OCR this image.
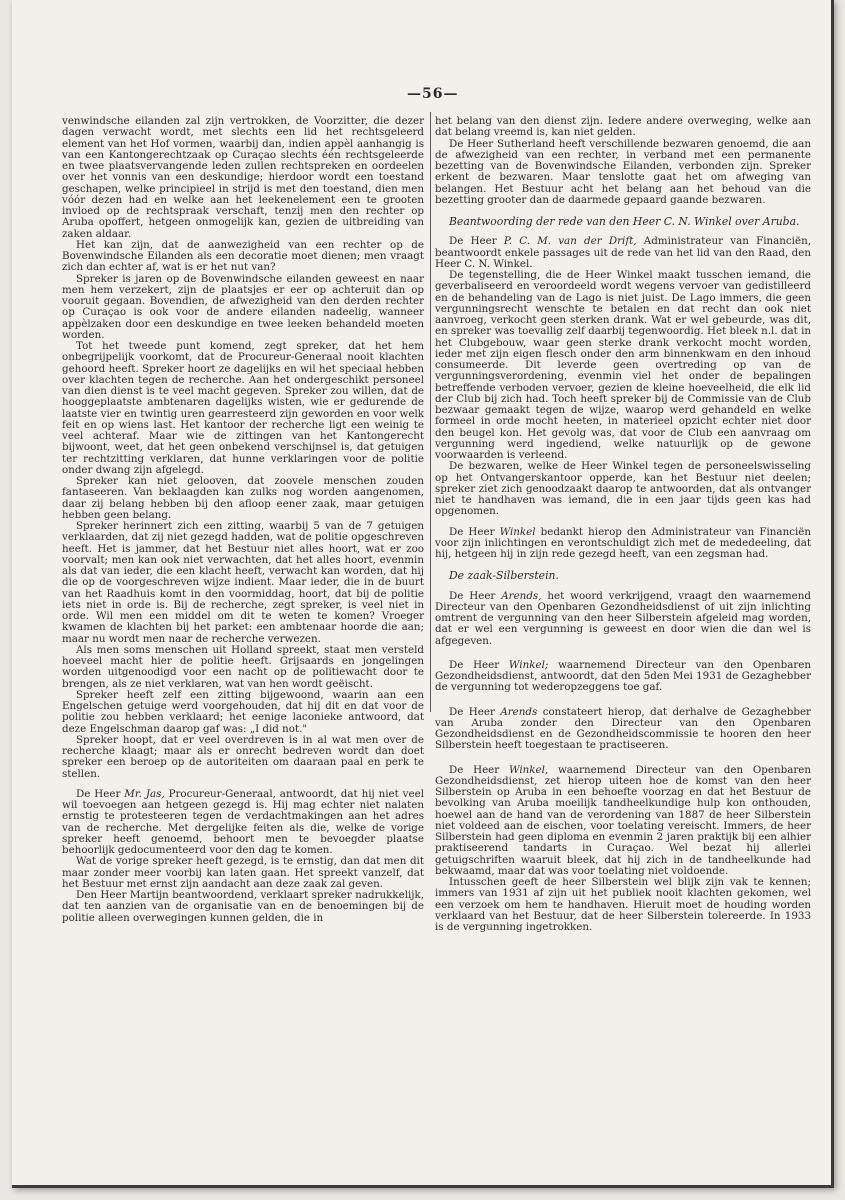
—56—

venwindsche eilanden zal zijn vertrokken, de Voorzitter, die dezer dagen verwacht wordt, met slechts een lid het rechtsgeleerd element van het Hof vormen, waarbij dan, indien appèl aanhangig is van een Kantongerechtzaak op Curaçao slechts één rechtsgeleerde en twee plaatsvervangende leden zullen rechtspreken en oordeelen over het vonnis van een deskundige; hierdoor wordt een toestand geschapen, welke principieel in strijd is met den toestand, dien men vóór dezen had en welke aan het leekenelement een te grooten invloed op de rechtspraak verschaft, tenzij men den rechter op Aruba opoffert, hetgeen onmogelijk kan, gezien de uitbreiding van zaken aldaar.

Het kan zijn, dat de aanwezigheid van een rechter op de Bovenwindsche Eilanden als een decoratie moet dienen; men vraagt zich dan echter af, wat is er het nut van?

Spreker is jaren op de Bovenwindsche eilanden geweest en naar men hem verzekert, zijn de plaatsjes er eer op achteruit dan op vooruit gegaan. Bovendien, de afwezigheid van den derden rechter op Curaçao is ook voor de andere eilanden nadeelig, wanneer appèlzaken door een deskundige en twee leeken behandeld moeten worden.

Tot het tweede punt komend, zegt spreker, dat het hem onbegrijpelijk voorkomt, dat de Procureur-Generaal nooit klachten gehoord heeft. Spreker hoort ze dagelijks en wil het speciaal hebben over klachten tegen de recherche. Aan het ondergeschikt personeel van dien dienst is te veel macht gegeven. Spreker zou willen, dat de hooggeplaatste ambtenaren dagelijks wisten, wie er gedurende de laatste vier en twintig uren gearresteerd zijn geworden en voor welk feit en op wiens last. Het kantoor der recherche ligt een weinig te veel achteraf. Maar wie de zittingen van het Kantongerecht bijwoont, weet, dat het geen onbekend verschijnsel is, dat getuigen ter rechtzitting verklaren, dat hunne verklaringen voor de politie onder dwang zijn afgelegd.

Spreker kan niet gelooven, dat zoovele menschen zouden fantaseeren. Van beklaagden kan zulks nog worden aangenomen, daar zij belang hebben bij den afloop eener zaak, maar getuigen hebben geen belang.

Spreker herinnert zich een zitting, waarbij 5 van de 7 getuigen verklaarden, dat zij niet gezegd hadden, wat de politie opgeschreven heeft. Het is jammer, dat het Bestuur niet alles hoort, wat er zoo voorvalt; men kan ook niet verwachten, dat het alles hoort, evenmin als dat van ieder, die een klacht heeft, verwacht kan worden, dat hij die op de voorgeschreven wijze indient. Maar ieder, die in de buurt van het Raadhuis komt in den voormiddag, hoort, dat bij de politie iets niet in orde is. Bij de recherche, zegt spreker, is veel niet in orde. Wil men een middel om dit te weten te komen? Vroeger kwamen de klachten bij het parket: een ambtenaar hoorde die aan; maar nu wordt men naar de recherche verwezen.

Als men soms menschen uit Holland spreekt, staat men versteld hoeveel macht hier de politie heeft. Grijsaards en jongelingen worden uitgenoodigd voor een nacht op de politiewacht door te brengen, als ze niet verklaren, wat van hen wordt geëischt.

Spreker heeft zelf een zitting bijgewoond, waarin aan een Engelschen getuige werd voorgehouden, dat hij dit en dat voor de politie zou hebben verklaard; het eenige laconieke antwoord, dat deze Engelschman daarop gaf was: „I did not."

Spreker hoopt, dat er veel overdreven is in al wat men over de recherche klaagt; maar als er onrecht bedreven wordt dan doet spreker een beroep op de autoriteiten om daaraan paal en perk te stellen.

De Heer Mr. Jas, Procureur-Generaal, antwoordt, dat hij niet veel wil toevoegen aan hetgeen gezegd is. Hij mag echter niet nalaten ernstig te protesteeren tegen de verdachtmakingen aan het adres van de recherche. Met dergelijke feiten als die, welke de vorige spreker heeft genoemd, behoort men te bevoegder plaatse behoorlijk gedocumenteerd voor den dag te komen.

Wat de vorige spreker heeft gezegd, is te ernstig, dan dat men dit maar zonder meer voorbij kan laten gaan. Het spreekt vanzelf, dat het Bestuur met ernst zijn aandacht aan deze zaak zal geven.

Den Heer Martijn beantwoordend, verklaart spreker nadrukkelijk, dat ten aanzien van de organisatie van en de benoemingen bij de politie alleen overwegingen kunnen gelden, die in

het belang van den dienst zijn. Iedere andere overweging, welke aan dat belang vreemd is, kan niet gelden.

De Heer Sutherland heeft verschillende bezwaren genoemd, die aan de afwezigheid van een rechter, in verband met een permanente bezetting van de Bovenwindsche Eilanden, verbonden zijn. Spreker erkent de bezwaren. Maar tenslotte gaat het om afweging van belangen. Het Bestuur acht het belang aan het behoud van die bezetting grooter dan de daarmede gepaard gaande bezwaren.

Beantwoording der rede van den Heer C. N. Winkel over Aruba.

De Heer P. C. M. van der Drift, Administrateur van Financiën, beantwoordt enkele passages uit de rede van het lid van den Raad, den Heer C. N. Winkel.

De tegenstelling, die de Heer Winkel maakt tusschen iemand, die geverbaliseerd en veroordeeld wordt wegens vervoer van gedistilleerd en de behandeling van de Lago is niet juist. De Lago immers, die geen vergunningsrecht wenschte te betalen en dat recht dan ook niet aanvroeg, verkocht geen sterken drank. Wat er wel gebeurde, was dit, en spreker was toevallig zelf daarbij tegenwoordig. Het bleek n.l. dat in het Clubgebouw, waar geen sterke drank verkocht mocht worden, ieder met zijn eigen flesch onder den arm binnenkwam en den inhoud consumeerde. Dit leverde geen overtreding op van de vergunningsverordening, evenmin viel het onder de bepalingen betreffende verboden vervoer, gezien de kleine hoeveelheid, die elk lid der Club bij zich had. Toch heeft spreker bij de Commissie van de Club bezwaar gemaakt tegen de wijze, waarop werd gehandeld en welke formeel in orde mocht heeten, in materieel opzicht echter niet door den beugel kon. Het gevolg was, dat voor de Club een aanvraag om vergunning werd ingediend, welke natuurlijk op de gewone voorwaarden is verleend.

De bezwaren, welke de Heer Winkel tegen de personeelswisseling op het Ontvangerskantoor opperde, kan het Bestuur niet deelen; spreker ziet zich genoodzaakt daarop te antwoorden, dat als ontvanger niet te handhaven was iemand, die in een jaar tijds geen kas had opgenomen.

De Heer Winkel bedankt hierop den Administrateur van Financiën voor zijn inlichtingen en verontschuldigt zich met de mededeeling, dat hij, hetgeen hij in zijn rede gezegd heeft, van een zegsman had.

De zaak-Silberstein.

De Heer Arends, het woord verkrijgend, vraagt den waarnemend Directeur van den Openbaren Gezondheidsdienst of uit zijn inlichting omtrent de vergunning van den heer Silberstein afgeleid mag worden, dat er wel een vergunning is geweest en door wien die dan wel is afgegeven.

De Heer Winkel; waarnemend Directeur van den Openbaren Gezondheidsdienst, antwoordt, dat den 5den Mei 1931 de Gezaghebber de vergunning tot wederopzeggens toe gaf.

De Heer Arends constateert hierop, dat derhalve de Gezaghebber van Aruba zonder den Directeur van den Openbaren Gezondheidsdienst en de Gezondheidscommissie te hooren den heer Silberstein heeft toegestaan te practiseeren.

De Heer Winkel, waarnemend Directeur van den Openbaren Gezondheidsdienst, zet hierop uiteen hoe de komst van den heer Silberstein op Aruba in een behoefte voorzag en dat het Bestuur de bevolking van Aruba moeilijk tandheelkundige hulp kon onthouden, hoewel aan de hand van de verordening van 1887 de heer Silberstein niet voldeed aan de eischen, voor toelating vereischt. Immers, de heer Silberstein had geen diploma en evenmin 2 jaren praktijk bij een alhier praktiseerend tandarts in Curaçao. Wel bezat hij allerlei getuigschriften waaruit bleek, dat hij zich in de tandheelkunde had bekwaamd, maar dat was voor toelating niet voldoende.

Intusschen geeft de heer Silberstein wel blijk zijn vak te kennen; immers van 1931 af zijn uit het publiek nooit klachten gekomen, wel een verzoek om hem te handhaven. Hieruit moet de houding worden verklaard van het Bestuur, dat de heer Silberstein tolereerde. In 1933 is de vergunning ingetrokken.
